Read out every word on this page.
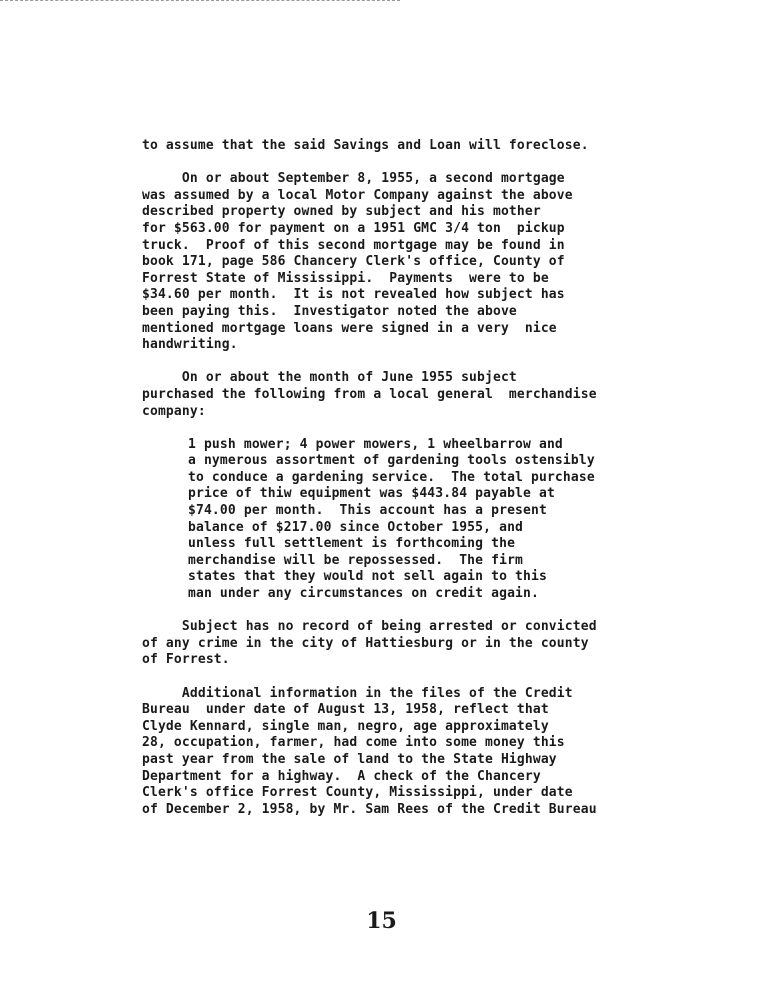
to assume that the said Savings and Loan will foreclose.
On or about September 8, 1955, a second mortgage
was assumed by a local Motor Company against the above
described property owned by subject and his mother
for $563.00 for payment on a 1951 GMC 3/4 ton  pickup
truck.  Proof of this second mortgage may be found in
book 171, page 586 Chancery Clerk's office, County of
Forrest State of Mississippi.  Payments  were to be
$34.60 per month.  It is not revealed how subject has
been paying this.  Investigator noted the above
mentioned mortgage loans were signed in a very  nice
handwriting.
On or about the month of June 1955 subject
purchased the following from a local general  merchandise
company:
1 push mower; 4 power mowers, 1 wheelbarrow and
a nymerous assortment of gardening tools ostensibly
to conduce a gardening service.  The total purchase
price of thiw equipment was $443.84 payable at
$74.00 per month.  This account has a present
balance of $217.00 since October 1955, and
unless full settlement is forthcoming the
merchandise will be repossessed.  The firm
states that they would not sell again to this
man under any circumstances on credit again.
Subject has no record of being arrested or convicted
of any crime in the city of Hattiesburg or in the county
of Forrest.
Additional information in the files of the Credit
Bureau  under date of August 13, 1958, reflect that
Clyde Kennard, single man, negro, age approximately
28, occupation, farmer, had come into some money this
past year from the sale of land to the State Highway
Department for a highway.  A check of the Chancery
Clerk's office Forrest County, Mississippi, under date
of December 2, 1958, by Mr. Sam Rees of the Credit Bureau
15
